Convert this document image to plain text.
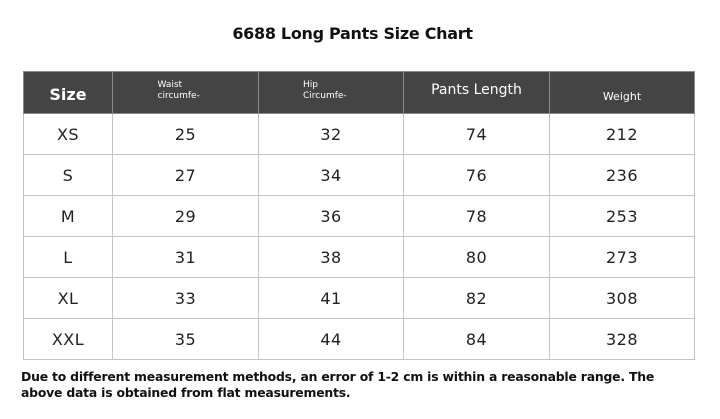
6688 Long Pants Size Chart
Size	Waist circumfe-	Hip Circumfe-	Pants Length	Weight
XS	25	32	74	212
S	27	34	76	236
M	29	36	78	253
L	31	38	80	273
XL	33	41	82	308
XXL	35	44	84	328
Due to different measurement methods, an error of 1-2 cm is within a reasonable range. The above data is obtained from flat measurements.
